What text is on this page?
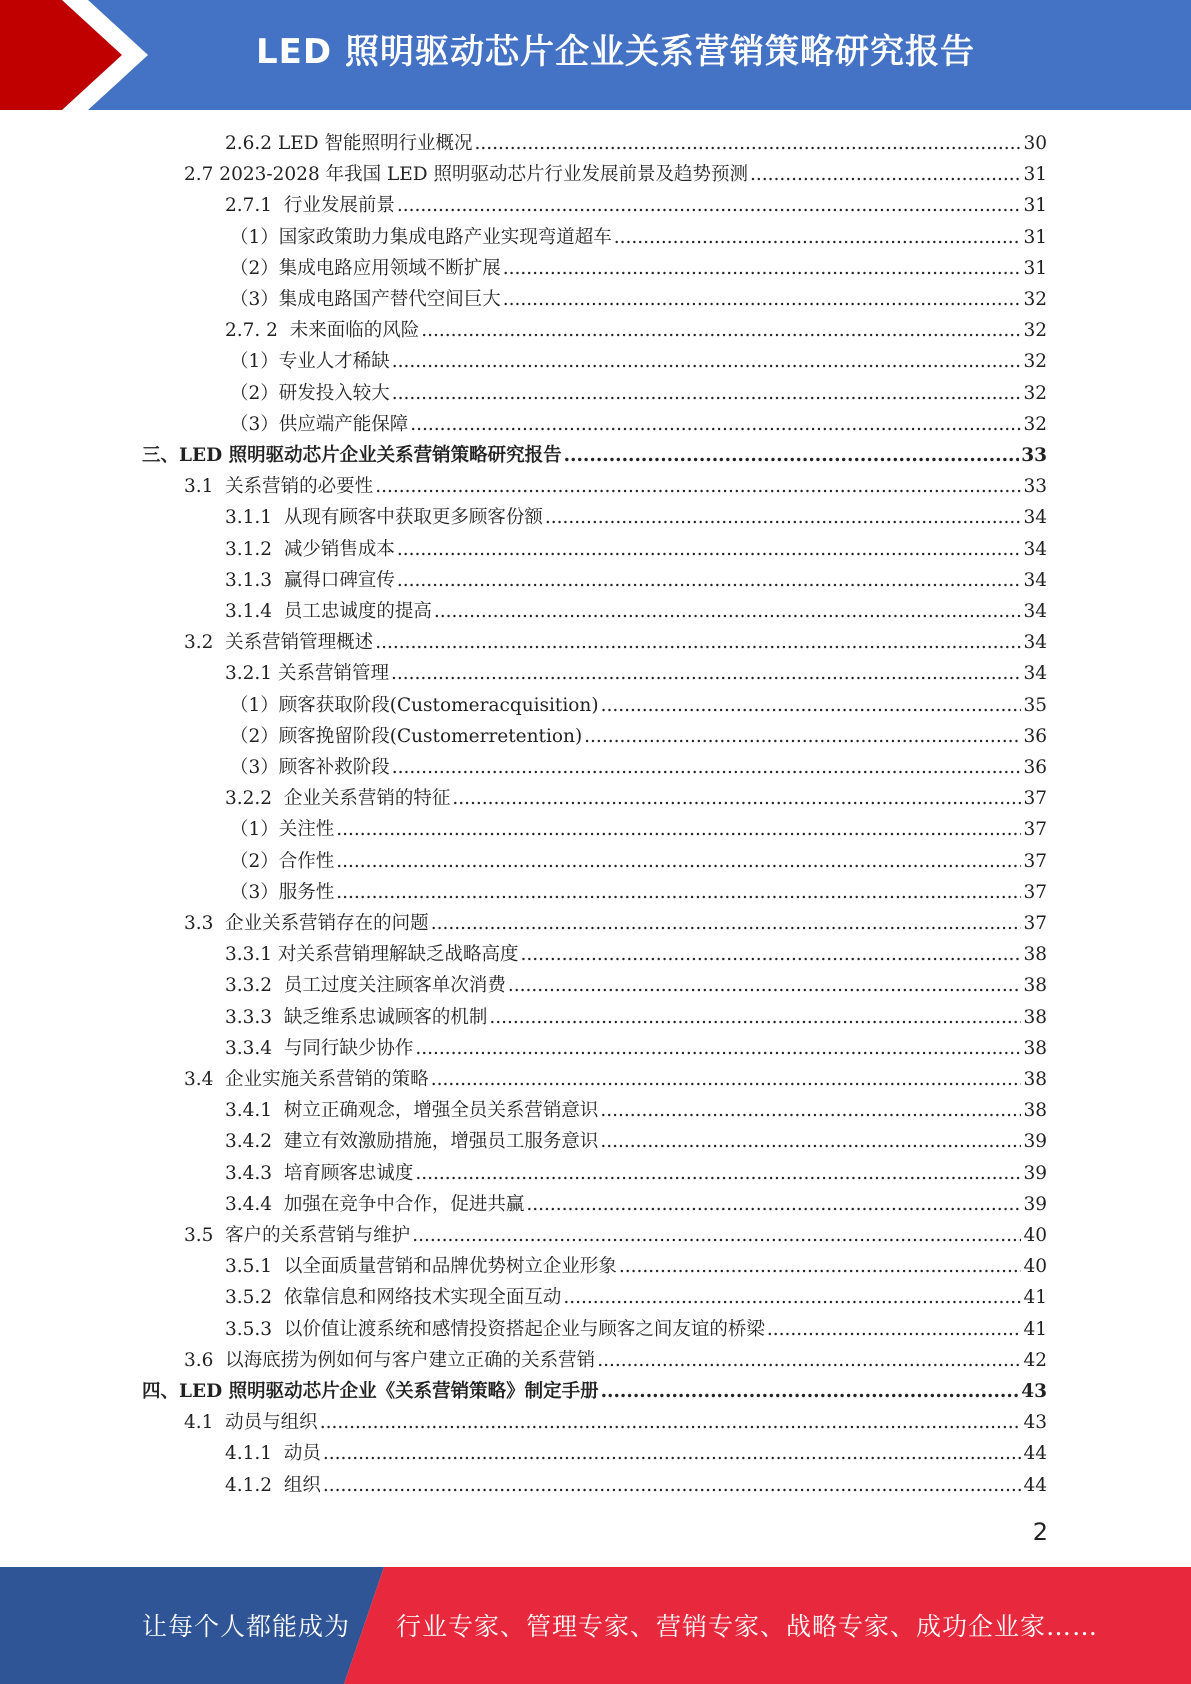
LED 照明驱动芯片企业关系营销策略研究报告
2.6.2 LED 智能照明行业概况 .....	30
2.7 2023-2028 年我国 LED 照明驱动芯片行业发展前景及趋势预测 .....	31
2.7.1  行业发展前景 .....	31
（1）国家政策助力集成电路产业实现弯道超车 .....	31
（2）集成电路应用领域不断扩展 .....	31
（3）集成电路国产替代空间巨大 .....	32
2.7. 2  未来面临的风险 .....	32
（1）专业人才稀缺 .....	32
（2）研发投入较大 .....	32
（3）供应端产能保障 .....	32
三、LED 照明驱动芯片企业关系营销策略研究报告 .....	33
3.1  关系营销的必要性 .....	33
3.1.1  从现有顾客中获取更多顾客份额 .....	34
3.1.2  减少销售成本 .....	34
3.1.3  赢得口碑宣传 .....	34
3.1.4  员工忠诚度的提高 .....	34
3.2  关系营销管理概述 .....	34
3.2.1 关系营销管理 .....	34
（1）顾客获取阶段(Customeracquisition) .....	35
（2）顾客挽留阶段(Customerretention) .....	36
（3）顾客补救阶段 .....	36
3.2.2  企业关系营销的特征 .....	37
（1）关注性 .....	37
（2）合作性 .....	37
（3）服务性 .....	37
3.3  企业关系营销存在的问题 .....	37
3.3.1 对关系营销理解缺乏战略高度 .....	38
3.3.2  员工过度关注顾客单次消费 .....	38
3.3.3  缺乏维系忠诚顾客的机制 .....	38
3.3.4  与同行缺少协作 .....	38
3.4  企业实施关系营销的策略 .....	38
3.4.1  树立正确观念，增强全员关系营销意识 .....	38
3.4.2  建立有效激励措施，增强员工服务意识 .....	39
3.4.3  培育顾客忠诚度 .....	39
3.4.4  加强在竞争中合作，促进共赢 .....	39
3.5  客户的关系营销与维护 .....	40
3.5.1  以全面质量营销和品牌优势树立企业形象 .....	40
3.5.2  依靠信息和网络技术实现全面互动 .....	41
3.5.3  以价值让渡系统和感情投资搭起企业与顾客之间友谊的桥梁 .....	41
3.6  以海底捞为例如何与客户建立正确的关系营销 .....	42
四、LED 照明驱动芯片企业《关系营销策略》制定手册 .....	43
4.1  动员与组织 .....	43
4.1.1  动员 .....	44
4.1.2  组织 .....	44
2
让每个人都能成为 行业专家、管理专家、营销专家、战略专家、成功企业家……
